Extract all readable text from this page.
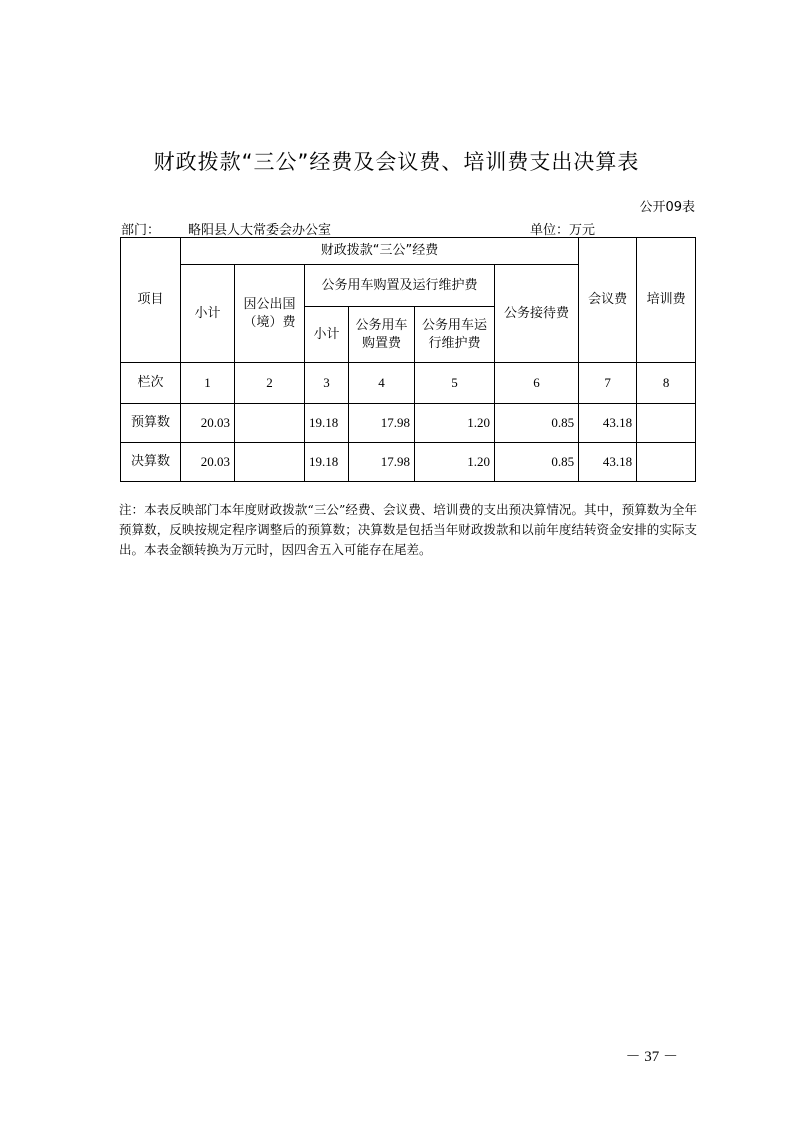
财政拨款“三公”经费及会议费、培训费支出决算表
公开09表
部门： 略阳县人大常委会办公室	单位：万元
项目	财政拨款“三公”经费						会议费	培训费
	小计	因公出国（境）费	公务用车购置及运行维护费			公务接待费		
			小计	公务用车购置费	公务用车运行维护费			
栏次	1	2	3	4	5	6	7	8
预算数	20.03		19.18	17.98	1.20	0.85	43.18	
决算数	20.03		19.18	17.98	1.20	0.85	43.18	
注：本表反映部门本年度财政拨款“三公”经费、会议费、培训费的支出预决算情况。其中，预算数为全年预算数，反映按规定程序调整后的预算数；决算数是包括当年财政拨款和以前年度结转资金安排的实际支出。本表金额转换为万元时，因四舍五入可能存在尾差。
－ 37 －
